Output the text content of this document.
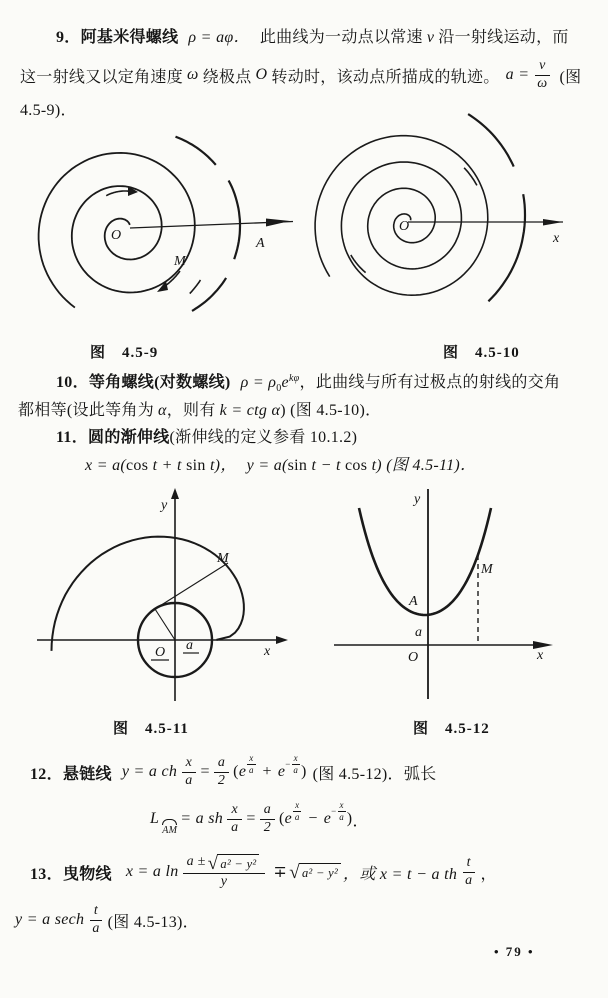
9．阿基米得螺线 ρ = aφ． 此曲线为一动点以常速 v 沿一射线运动，而
这一射线又以定角速度 ω 绕极点 O 转动时，该动点所描成的轨迹。 $a = \frac{v}{\omega}$ (图
4.5-9)．
O
M
A
O
x
图　4.5-9	图　4.5-10
10．等角螺线(对数螺线) ρ = ρ0ekφ，此曲线与所有过极点的射线的交角
都相等(设此等角为 α，则有 k = ctg α) (图 4.5-10)．
11．圆的渐伸线(渐伸线的定义参看 10.1.2)
x = a(cos t + t sin t)， y = a(sin t − t cos t) (图 4.5-11)．
y
x
O a
M
y
x
O
A
a
M
图　4.5-11	图　4.5-12
12．悬链线 y = a ch $\frac{x}{a} = \frac{a}{2}$ ( e $\frac{x}{a} + e - \frac{x}{a}$ ) (图 4.5-12)．弧长
L
AM
= a sh $\frac{x}{a} = \frac{a}{2}$ ( e $\frac{x}{a} - e - \frac{x}{a}$ ) ．
13．曳物线 x = a $\ln \frac{\text{a ± √ a² − y²}}{y}$ ∓ √ a² − y² ，或 x = t − a th $\frac{t}{a}$ ，
y = a sech $\frac{t}{a}$ (图 4.5-13)．
• 79 •
